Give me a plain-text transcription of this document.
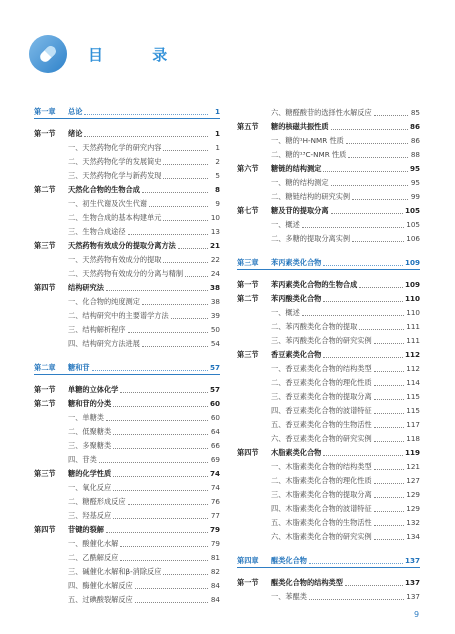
目 录
第一章	总论	1
第一节	绪论	1
一、天然药物化学的研究内容	1
二、天然药物化学的发展简史	2
三、天然药物化学与新药发现	5
第二节	天然化合物的生物合成	8
一、初生代谢及次生代谢	9
二、生物合成的基本构建单元	10
三、生物合成途径	13
第三节	天然药物有效成分的提取分离方法	21
一、天然药物有效成分的提取	22
二、天然药物有效成分的分离与精制	24
第四节	结构研究法	38
一、化合物的纯度测定	38
二、结构研究中的主要谱学方法	39
三、结构解析程序	50
四、结构研究方法进展	54
第二章	糖和苷	57
第一节	单糖的立体化学	57
第二节	糖和苷的分类	60
一、单糖类	60
二、低聚糖类	64
三、多聚糖类	66
四、苷类	69
第三节	糖的化学性质	74
一、氧化反应	74
二、糖醛形成反应	76
三、羟基反应	77
第四节	苷键的裂解	79
一、酸催化水解	79
二、乙酰解反应	81
三、碱催化水解和β-消除反应	82
四、酶催化水解反应	84
五、过碘酸裂解反应	84
六、糖醛酸苷的选择性水解反应	85
第五节	糖的核磁共振性质	86
一、糖的¹H-NMR 性质	86
二、糖的¹³C-NMR 性质	88
第六节	糖链的结构测定	95
一、糖的结构测定	95
二、糖链结构的研究实例	99
第七节	糖及苷的提取分离	105
一、概述	105
二、多糖的提取分离实例	106
第三章	苯丙素类化合物	109
第一节	苯丙素类化合物的生物合成	109
第二节	苯丙酸类化合物	110
一、概述	110
二、苯丙酸类化合物的提取	111
三、苯丙酸类化合物的研究实例	111
第三节	香豆素类化合物	112
一、香豆素类化合物的结构类型	112
二、香豆素类化合物的理化性质	114
三、香豆素类化合物的提取分离	115
四、香豆素类化合物的波谱特征	115
五、香豆素类化合物的生物活性	117
六、香豆素类化合物的研究实例	118
第四节	木脂素类化合物	119
一、木脂素类化合物的结构类型	121
二、木脂素类化合物的理化性质	127
三、木脂素类化合物的提取分离	129
四、木脂素类化合物的波谱特征	129
五、木脂素类化合物的生物活性	132
六、木脂素类化合物的研究实例	134
第四章	醌类化合物	137
第一节	醌类化合物的结构类型	137
一、苯醌类	137
9
